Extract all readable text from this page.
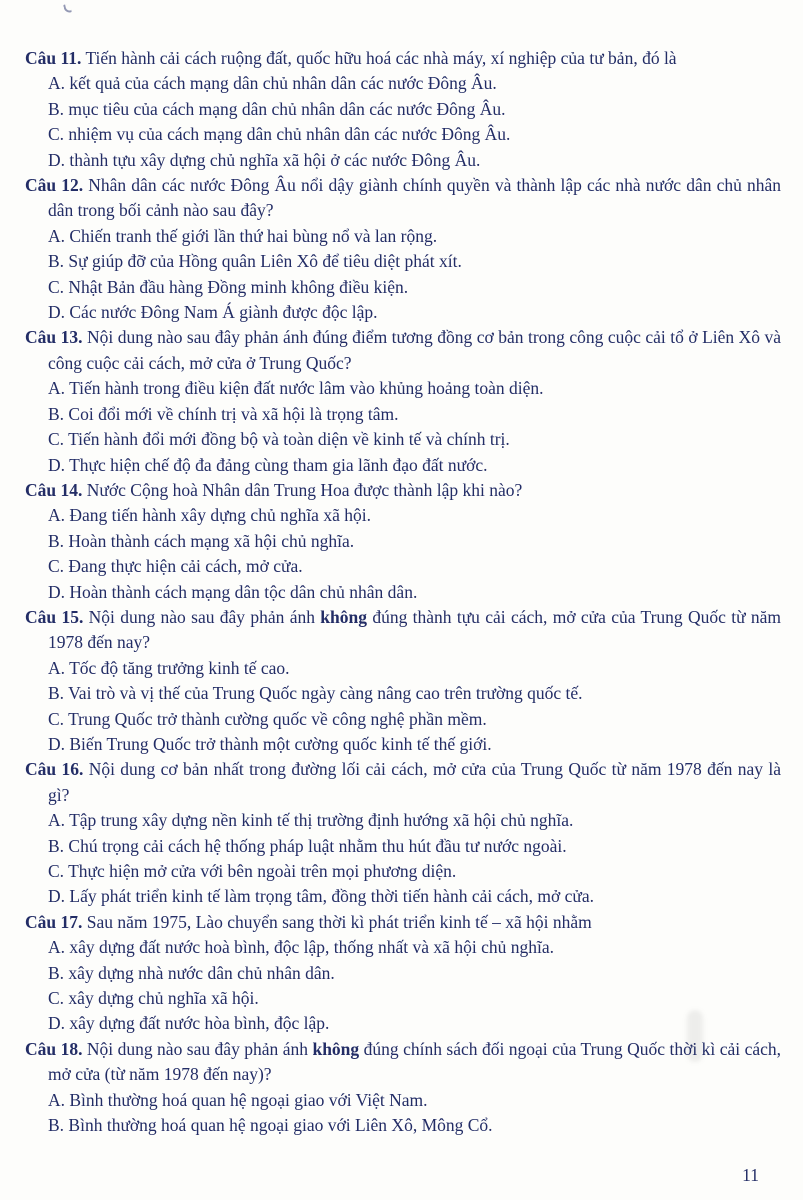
Câu 11. Tiến hành cải cách ruộng đất, quốc hữu hoá các nhà máy, xí nghiệp của tư bản, đó là

A. kết quả của cách mạng dân chủ nhân dân các nước Đông Âu.

B. mục tiêu của cách mạng dân chủ nhân dân các nước Đông Âu.

C. nhiệm vụ của cách mạng dân chủ nhân dân các nước Đông Âu.

D. thành tựu xây dựng chủ nghĩa xã hội ở các nước Đông Âu.

Câu 12. Nhân dân các nước Đông Âu nổi dậy giành chính quyền và thành lập các nhà nước dân chủ nhân dân trong bối cảnh nào sau đây?

A. Chiến tranh thế giới lần thứ hai bùng nổ và lan rộng.

B. Sự giúp đỡ của Hồng quân Liên Xô để tiêu diệt phát xít.

C. Nhật Bản đầu hàng Đồng minh không điều kiện.

D. Các nước Đông Nam Á giành được độc lập.

Câu 13. Nội dung nào sau đây phản ánh đúng điểm tương đồng cơ bản trong công cuộc cải tổ ở Liên Xô và công cuộc cải cách, mở cửa ở Trung Quốc?

A. Tiến hành trong điều kiện đất nước lâm vào khủng hoảng toàn diện.

B. Coi đổi mới về chính trị và xã hội là trọng tâm.

C. Tiến hành đổi mới đồng bộ và toàn diện về kinh tế và chính trị.

D. Thực hiện chế độ đa đảng cùng tham gia lãnh đạo đất nước.

Câu 14. Nước Cộng hoà Nhân dân Trung Hoa được thành lập khi nào?

A. Đang tiến hành xây dựng chủ nghĩa xã hội.

B. Hoàn thành cách mạng xã hội chủ nghĩa.

C. Đang thực hiện cải cách, mở cửa.

D. Hoàn thành cách mạng dân tộc dân chủ nhân dân.

Câu 15. Nội dung nào sau đây phản ánh không đúng thành tựu cải cách, mở cửa của Trung Quốc từ năm 1978 đến nay?

A. Tốc độ tăng trưởng kinh tế cao.

B. Vai trò và vị thế của Trung Quốc ngày càng nâng cao trên trường quốc tế.

C. Trung Quốc trở thành cường quốc về công nghệ phần mềm.

D. Biến Trung Quốc trở thành một cường quốc kinh tế thế giới.

Câu 16. Nội dung cơ bản nhất trong đường lối cải cách, mở cửa của Trung Quốc từ năm 1978 đến nay là gì?

A. Tập trung xây dựng nền kinh tế thị trường định hướng xã hội chủ nghĩa.

B. Chú trọng cải cách hệ thống pháp luật nhằm thu hút đầu tư nước ngoài.

C. Thực hiện mở cửa với bên ngoài trên mọi phương diện.

D. Lấy phát triển kinh tế làm trọng tâm, đồng thời tiến hành cải cách, mở cửa.

Câu 17. Sau năm 1975, Lào chuyển sang thời kì phát triển kinh tế – xã hội nhằm

A. xây dựng đất nước hoà bình, độc lập, thống nhất và xã hội chủ nghĩa.

B. xây dựng nhà nước dân chủ nhân dân.

C. xây dựng chủ nghĩa xã hội.

D. xây dựng đất nước hòa bình, độc lập.

Câu 18. Nội dung nào sau đây phản ánh không đúng chính sách đối ngoại của Trung Quốc thời kì cải cách, mở cửa (từ năm 1978 đến nay)?

A. Bình thường hoá quan hệ ngoại giao với Việt Nam.

B. Bình thường hoá quan hệ ngoại giao với Liên Xô, Mông Cổ.

11
